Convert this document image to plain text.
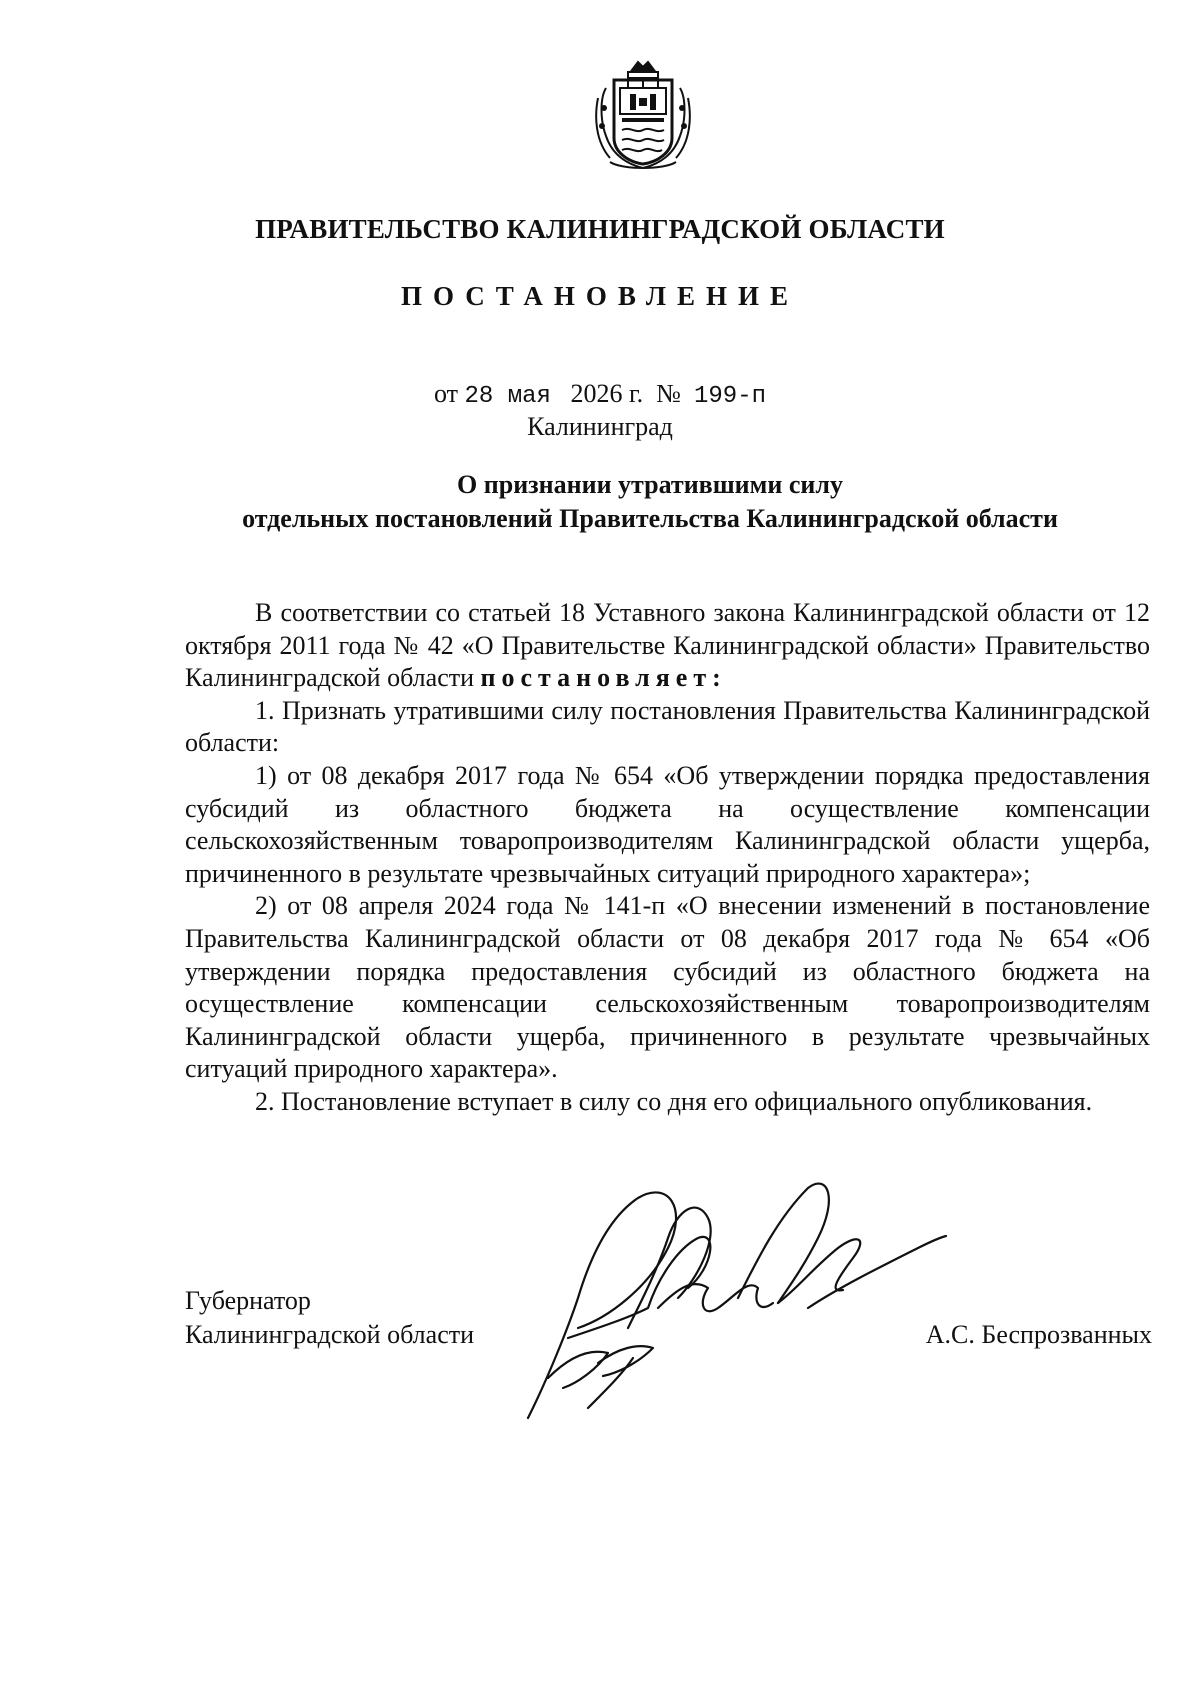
ПРАВИТЕЛЬСТВО КАЛИНИНГРАДСКОЙ ОБЛАСТИ
ПОСТАНОВЛЕНИЕ
от 28 мая 2026 г. № 199-п
Калининград
О признании утратившими силу
отдельных постановлений Правительства Калининградской области

В соответствии со статьей 18 Уставного закона Калининградской области от 12 октября 2011 года № 42 «О Правительстве Калининградской области» Правительство Калининградской области постановляет:

1. Признать утратившими силу постановления Правительства Калининградской области:

1) от 08 декабря 2017 года № 654 «Об утверждении порядка предоставления субсидий из областного бюджета на осуществление компенсации сельскохозяйственным товаропроизводителям Калининградской области ущерба, причиненного в результате чрезвычайных ситуаций природного характера»;

2) от 08 апреля 2024 года № 141-п «О внесении изменений в постановление Правительства Калининградской области от 08 декабря 2017 года № 654 «Об утверждении порядка предоставления субсидий из областного бюджета на осуществление компенсации сельскохозяйственным товаропроизводителям Калининградской области ущерба, причиненного в результате чрезвычайных ситуаций природного характера».

2. Постановление вступает в силу со дня его официального опубликования.

Губернатор
Калининградской области	А.С. Беспрозванных
